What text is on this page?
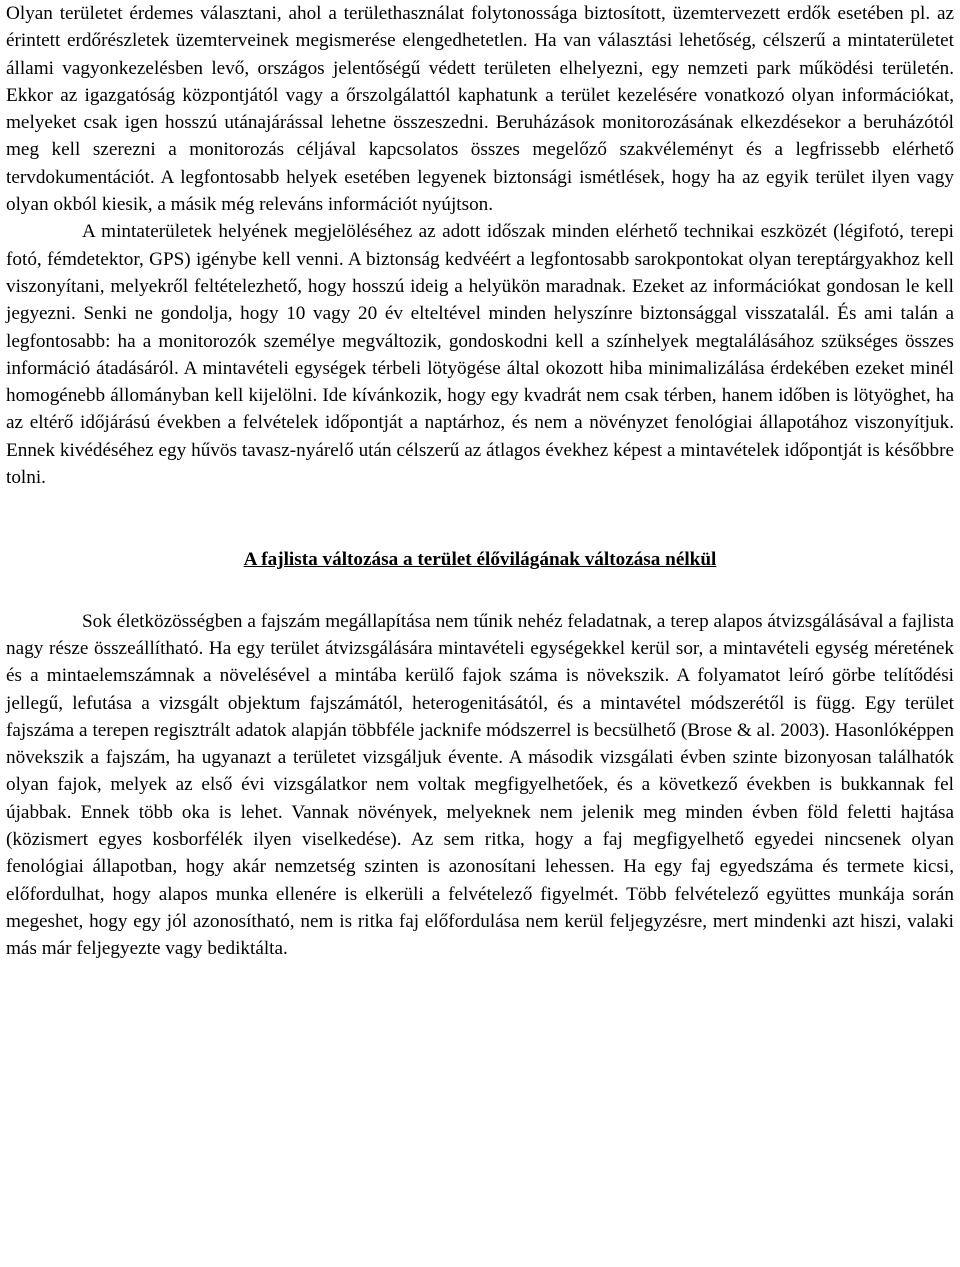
Olyan területet érdemes választani, ahol a területhasználat folytonossága biztosított, üzemtervezett erdők esetében pl. az érintett erdőrészletek üzemterveinek megismerése elengedhetetlen. Ha van választási lehetőség, célszerű a mintaterületet állami vagyonkezelésben levő, országos jelentőségű védett területen elhelyezni, egy nemzeti park működési területén. Ekkor az igazgatóság központjától vagy a őrszolgálattól kaphatunk a terület kezelésére vonatkozó olyan információkat, melyeket csak igen hosszú utánajárással lehetne összeszedni. Beruházások monitorozásának elkezdésekor a beruházótól meg kell szerezni a monitorozás céljával kapcsolatos összes megelőző szakvéleményt és a legfrissebb elérhető tervdokumentációt. A legfontosabb helyek esetében legyenek biztonsági ismétlések, hogy ha az egyik terület ilyen vagy olyan okból kiesik, a másik még releváns információt nyújtson.

A mintaterületek helyének megjelöléséhez az adott időszak minden elérhető technikai eszközét (légifotó, terepi fotó, fémdetektor, GPS) igénybe kell venni. A biztonság kedvéért a legfontosabb sarokpontokat olyan tereptárgyakhoz kell viszonyítani, melyekről feltételezhető, hogy hosszú ideig a helyükön maradnak. Ezeket az információkat gondosan le kell jegyezni. Senki ne gondolja, hogy 10 vagy 20 év elteltével minden helyszínre biztonsággal visszatalál. És ami talán a legfontosabb: ha a monitorozók személye megváltozik, gondoskodni kell a színhelyek megtalálásához szükséges összes információ átadásáról. A mintavételi egységek térbeli lötyögése által okozott hiba minimalizálása érdekében ezeket minél homogénebb állományban kell kijelölni. Ide kívánkozik, hogy egy kvadrát nem csak térben, hanem időben is lötyöghet, ha az eltérő időjárású években a felvételek időpontját a naptárhoz, és nem a növényzet fenológiai állapotához viszonyítjuk. Ennek kivédéséhez egy hűvös tavasz-nyárelő után célszerű az átlagos évekhez képest a mintavételek időpontját is későbbre tolni.

A fajlista változása a terület élővilágának változása nélkül

Sok életközösségben a fajszám megállapítása nem tűnik nehéz feladatnak, a terep alapos átvizsgálásával a fajlista nagy része összeállítható. Ha egy terület átvizsgálására mintavételi egységekkel kerül sor, a mintavételi egység méretének és a mintaelemszámnak a növelésével a mintába kerülő fajok száma is növekszik. A folyamatot leíró görbe telítődési jellegű, lefutása a vizsgált objektum fajszámától, heterogenitásától, és a mintavétel módszerétől is függ. Egy terület fajszáma a terepen regisztrált adatok alapján többféle jacknife módszerrel is becsülhető (Brose & al. 2003). Hasonlóképpen növekszik a fajszám, ha ugyanazt a területet vizsgáljuk évente. A második vizsgálati évben szinte bizonyosan találhatók olyan fajok, melyek az első évi vizsgálatkor nem voltak megfigyelhetőek, és a következő években is bukkannak fel újabbak. Ennek több oka is lehet. Vannak növények, melyeknek nem jelenik meg minden évben föld feletti hajtása (közismert egyes kosborfélék ilyen viselkedése). Az sem ritka, hogy a faj megfigyelhető egyedei nincsenek olyan fenológiai állapotban, hogy akár nemzetség szinten is azonosítani lehessen. Ha egy faj egyedszáma és termete kicsi, előfordulhat, hogy alapos munka ellenére is elkerüli a felvételező figyelmét. Több felvételező együttes munkája során megeshet, hogy egy jól azonosítható, nem is ritka faj előfordulása nem kerül feljegyzésre, mert mindenki azt hiszi, valaki más már feljegyezte vagy bediktálta.
